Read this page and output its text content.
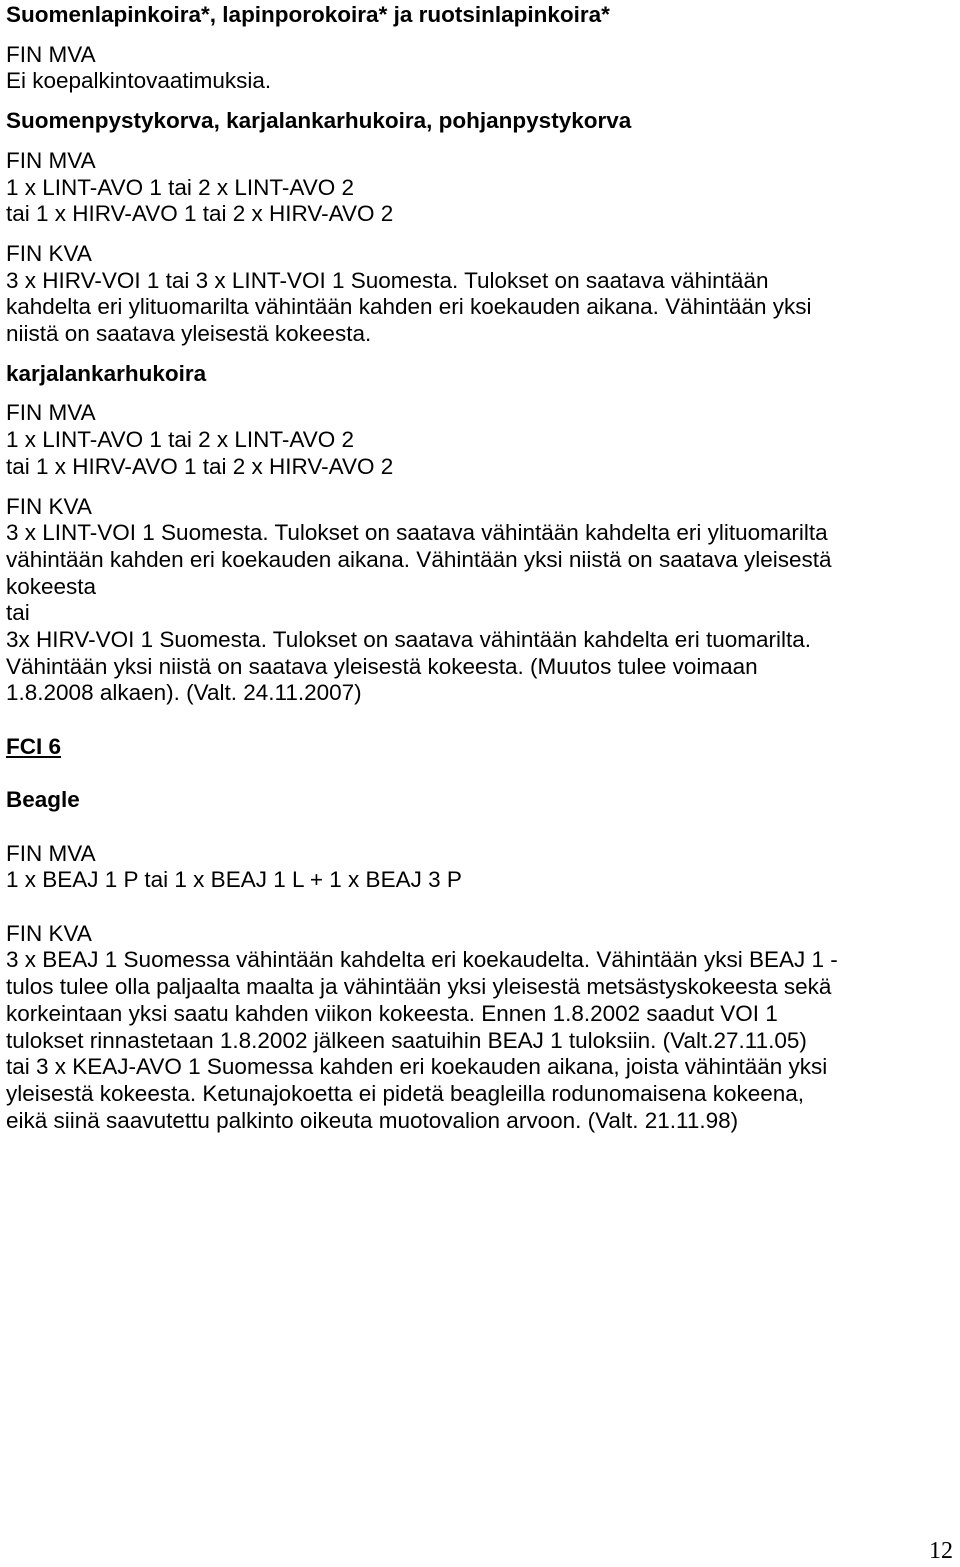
Suomenlapinkoira*, lapinporokoira* ja ruotsinlapinkoira*

FIN MVA

Ei koepalkintovaatimuksia.

Suomenpystykorva, karjalankarhukoira, pohjanpystykorva

FIN MVA

1 x LINT-AVO 1 tai 2 x LINT-AVO 2

tai 1 x HIRV-AVO 1 tai 2 x HIRV-AVO 2

FIN KVA

3 x HIRV-VOI 1 tai 3 x LINT-VOI 1 Suomesta. Tulokset on saatava vähintään

kahdelta eri ylituomarilta vähintään kahden eri koekauden aikana. Vähintään yksi

niistä on saatava yleisestä kokeesta.

karjalankarhukoira

FIN MVA

1 x LINT-AVO 1 tai 2 x LINT-AVO 2

tai 1 x HIRV-AVO 1 tai 2 x HIRV-AVO 2

FIN KVA

3 x LINT-VOI 1 Suomesta. Tulokset on saatava vähintään kahdelta eri ylituomarilta

vähintään kahden eri koekauden aikana. Vähintään yksi niistä on saatava yleisestä

kokeesta

tai

3x HIRV-VOI 1 Suomesta. Tulokset on saatava vähintään kahdelta eri tuomarilta.

Vähintään yksi niistä on saatava yleisestä kokeesta. (Muutos tulee voimaan

1.8.2008 alkaen). (Valt. 24.11.2007)

FCI 6

Beagle

FIN MVA

1 x BEAJ 1 P tai 1 x BEAJ 1 L + 1 x BEAJ 3 P

FIN KVA

3 x BEAJ 1 Suomessa vähintään kahdelta eri koekaudelta. Vähintään yksi BEAJ 1 -

tulos tulee olla paljaalta maalta ja vähintään yksi yleisestä metsästyskokeesta sekä

korkeintaan yksi saatu kahden viikon kokeesta. Ennen 1.8.2002 saadut VOI 1

tulokset rinnastetaan 1.8.2002 jälkeen saatuihin BEAJ 1 tuloksiin. (Valt.27.11.05)

tai 3 x KEAJ-AVO 1 Suomessa kahden eri koekauden aikana, joista vähintään yksi

yleisestä kokeesta. Ketunajokoetta ei pidetä beagleilla rodunomaisena kokeena,

eikä siinä saavutettu palkinto oikeuta muotovalion arvoon. (Valt. 21.11.98)

12
